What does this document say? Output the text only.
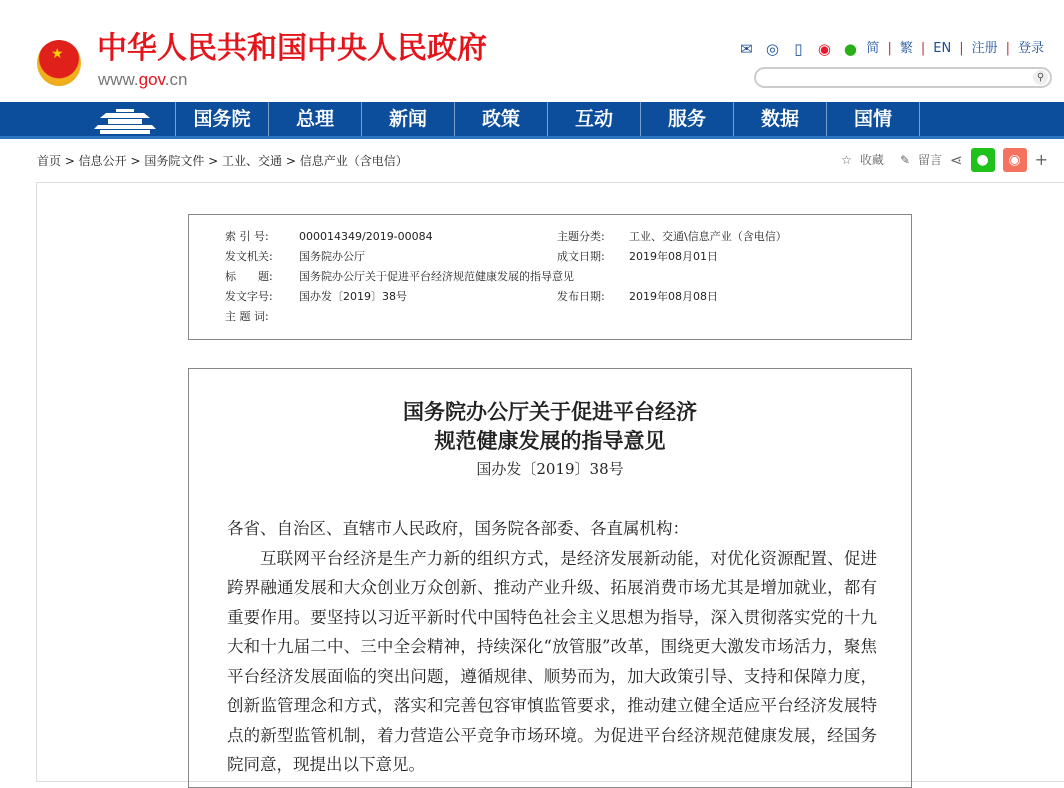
★ 中华人民共和国中央人民政府
www.gov.cn
✉ ◎	▯	◉ ● 简 | 繁 | EN | 注册 | 登录
⚲
国务院	总理	新闻	政策	互动	服务	数据	国情
首页 > 信息公开 > 国务院文件 > 工业、交通 > 信息产业（含电信）	☆ 收藏 ✎ 留言 ⋖ ●	◉ +
索 引 号:	000014349/2019-00084	主题分类:	工业、交通\信息产业（含电信）
发文机关:	国务院办公厅	成文日期:	2019年08月01日
标　　题:	国务院办公厅关于促进平台经济规范健康发展的指导意见
发文字号:	国办发〔2019〕38号	发布日期:	2019年08月08日
主 题 词:
国务院办公厅关于促进平台经济
规范健康发展的指导意见
国办发〔2019〕38号

各省、自治区、直辖市人民政府，国务院各部委、各直属机构：

互联网平台经济是生产力新的组织方式，是经济发展新动能，对优化资源配置、促进跨界融通发展和大众创业万众创新、推动产业升级、拓展消费市场尤其是增加就业，都有重要作用。要坚持以习近平新时代中国特色社会主义思想为指导，深入贯彻落实党的十九大和十九届二中、三中全会精神，持续深化“放管服”改革，围绕更大激发市场活力，聚焦平台经济发展面临的突出问题，遵循规律、顺势而为，加大政策引导、支持和保障力度，创新监管理念和方式，落实和完善包容审慎监管要求，推动建立健全适应平台经济发展特点的新型监管机制，着力营造公平竞争市场环境。为促进平台经济规范健康发展，经国务院同意，现提出以下意见。
